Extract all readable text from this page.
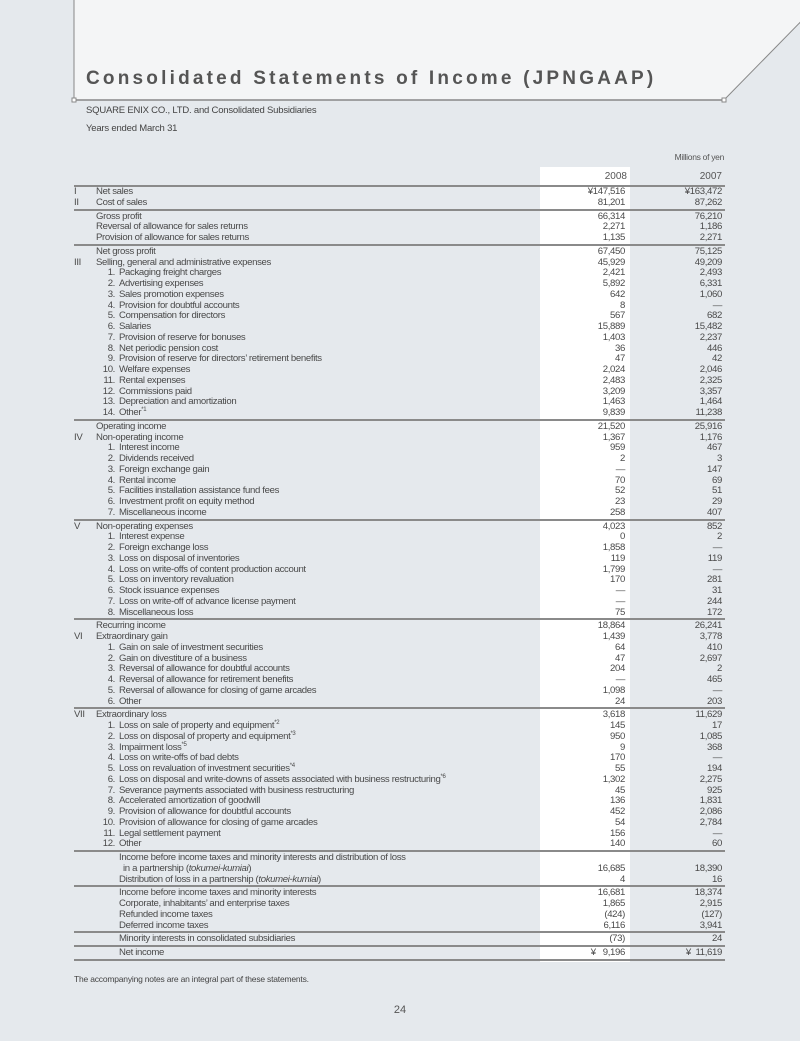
Consolidated Statements of Income (JPNGAAP)
SQUARE ENIX CO., LTD. and Consolidated Subsidiaries
Years ended March 31
Millions of yen
2008	2007
I Net sales	¥147,516	¥163,472
II Cost of sales	81,201	87,262
Gross profit	66,314	76,210
Reversal of allowance for sales returns	2,271	1,186
Provision of allowance for sales returns	1,135	2,271
Net gross profit	67,450	75,125
III Selling, general and administrative expenses	45,929	49,209
1. Packaging freight charges	2,421	2,493
2. Advertising expenses	5,892	6,331
3. Sales promotion expenses	642	1,060
4. Provision for doubtful accounts	8	—
5. Compensation for directors	567	682
6. Salaries	15,889	15,482
7. Provision of reserve for bonuses	1,403	2,237
8. Net periodic pension cost	36	446
9. Provision of reserve for directors’ retirement benefits	47	42
10. Welfare expenses	2,024	2,046
11. Rental expenses	2,483	2,325
12. Commissions paid	3,209	3,357
13. Depreciation and amortization	1,463	1,464
14. Other$^{*1}$	9,839	11,238
Operating income	21,520	25,916
IV Non-operating income	1,367	1,176
1. Interest income	959	467
2. Dividends received	2	3
3. Foreign exchange gain	—	147
4. Rental income	70	69
5. Facilities installation assistance fund fees	52	51
6. Investment profit on equity method	23	29
7. Miscellaneous income	258	407
V Non-operating expenses	4,023	852
1. Interest expense	0	2
2. Foreign exchange loss	1,858	—
3. Loss on disposal of inventories	119	119
4. Loss on write-offs of content production account	1,799	—
5. Loss on inventory revaluation	170	281
6. Stock issuance expenses	—	31
7. Loss on write-off of advance license payment	—	244
8. Miscellaneous loss	75	172
Recurring income	18,864	26,241
VI Extraordinary gain	1,439	3,778
1. Gain on sale of investment securities	64	410
2. Gain on divestiture of a business	47	2,697
3. Reversal of allowance for doubtful accounts	204	2
4. Reversal of allowance for retirement benefits	—	465
5. Reversal of allowance for closing of game arcades	1,098	—
6. Other	24	203
VII Extraordinary loss	3,618	11,629
1. Loss on sale of property and equipment$^{*2}$	145	17
2. Loss on disposal of property and equipment$^{*3}$	950	1,085
3. Impairment loss$^{*5}$	9	368
4. Loss on write-offs of bad debts	170	—
5. Loss on revaluation of investment securities$^{*4}$	55	194
6. Loss on disposal and write-downs of assets associated with business restructuring$^{*6}$	1,302	2,275
7. Severance payments associated with business restructuring	45	925
8. Accelerated amortization of goodwill	136	1,831
9. Provision of allowance for doubtful accounts	452	2,086
10. Provision of allowance for closing of game arcades	54	2,784
11. Legal settlement payment	156	—
12. Other	140	60
Income before income taxes and minority interests and distribution of loss
in a partnership (tokumei-kumiai)	16,685	18,390
Distribution of loss in a partnership (tokumei-kumiai)	4	16
Income before income taxes and minority interests	16,681	18,374
Corporate, inhabitants’ and enterprise taxes	1,865	2,915
Refunded income taxes	(424)	(127)
Deferred income taxes	6,116	3,941
Minority interests in consolidated subsidiaries	(73)	24
Net income	¥   9,196	¥  11,619
The accompanying notes are an integral part of these statements.
24
